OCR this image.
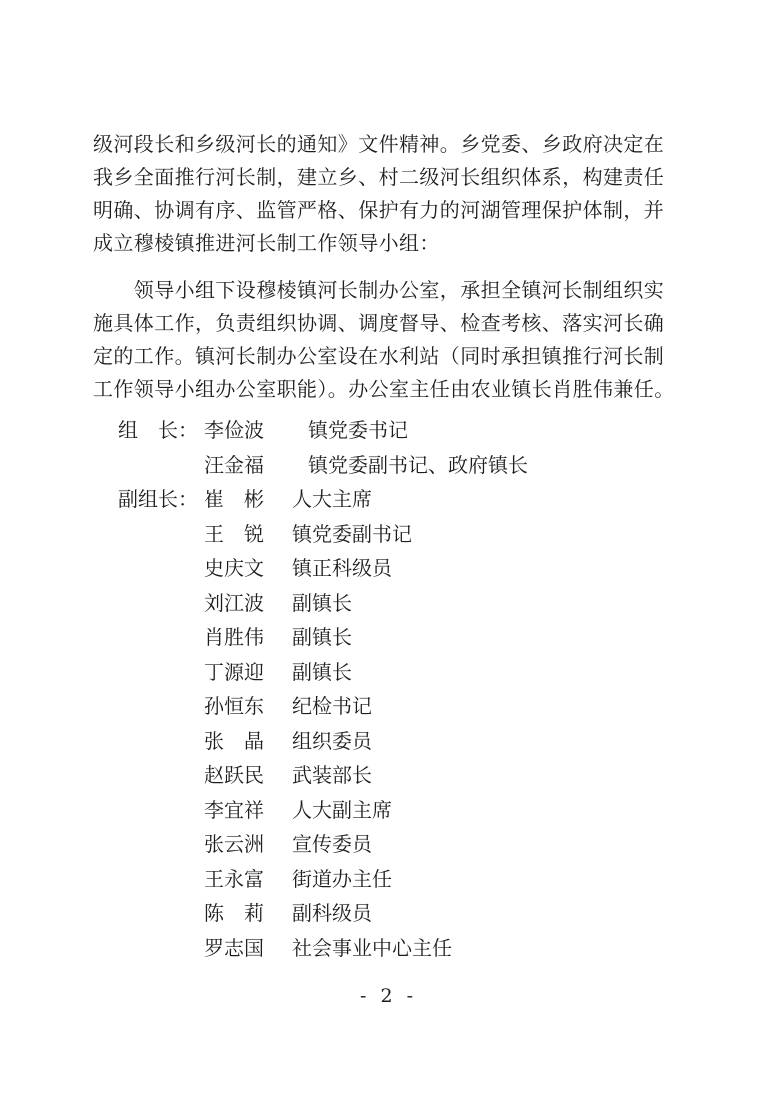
级河段长和乡级河长的通知》文件精神。乡党委、乡政府决定在
我乡全面推行河长制，建立乡、村二级河长组织体系，构建责任
明确、协调有序、监管严格、保护有力的河湖管理保护体制，并
成立穆棱镇推进河长制工作领导小组：

　　领导小组下设穆棱镇河长制办公室，承担全镇河长制组织实
施具体工作，负责组织协调、调度督导、检查考核、落实河长确
定的工作。镇河长制办公室设在水利站（同时承担镇推行河长制
工作领导小组办公室职能）。办公室主任由农业镇长肖胜伟兼任。

组　长： 李俭波 镇党委书记
汪金福 镇党委副书记、政府镇长
副组长： 崔　彬 人大主席
王　锐 镇党委副书记
史庆文 镇正科级员
刘江波 副镇长
肖胜伟 副镇长
丁源迎 副镇长
孙恒东 纪检书记
张　晶 组织委员
赵跃民 武装部长
李宜祥 人大副主席
张云洲 宣传委员
王永富 街道办主任
陈　莉 副科级员
罗志国 社会事业中心主任
- 2 -
